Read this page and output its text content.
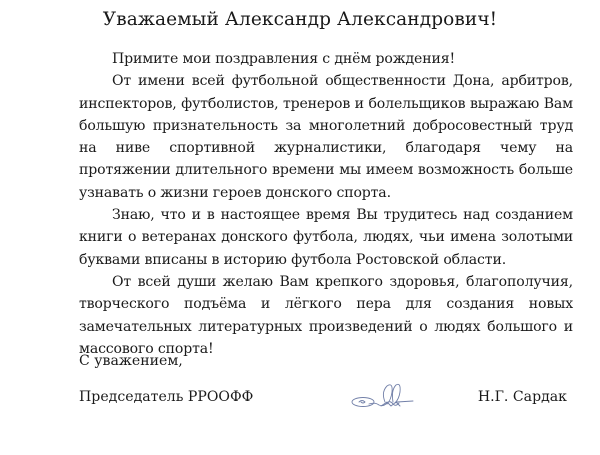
Уважаемый Александр Александрович!

Примите мои поздравления с днём рождения!

От имени всей футбольной общественности Дона, арбитров, инспекторов, футболистов, тренеров и болельщиков выражаю Вам большую признательность за многолетний добросовестный труд на ниве спортивной журналистики, благодаря чему на протяжении длительного времени мы имеем возможность больше узнавать о жизни героев донского спорта.

Знаю, что и в настоящее время Вы трудитесь над созданием книги о ветеранах донского футбола, людях, чьи имена золотыми буквами вписаны в историю футбола Ростовской области.

От всей души желаю Вам крепкого здоровья, благополучия, творческого подъёма и лёгкого пера для создания новых замечательных литературных произведений о людях большого и массового спорта!

С уважением,
Председатель РРООФФ	Н.Г. Сардак
